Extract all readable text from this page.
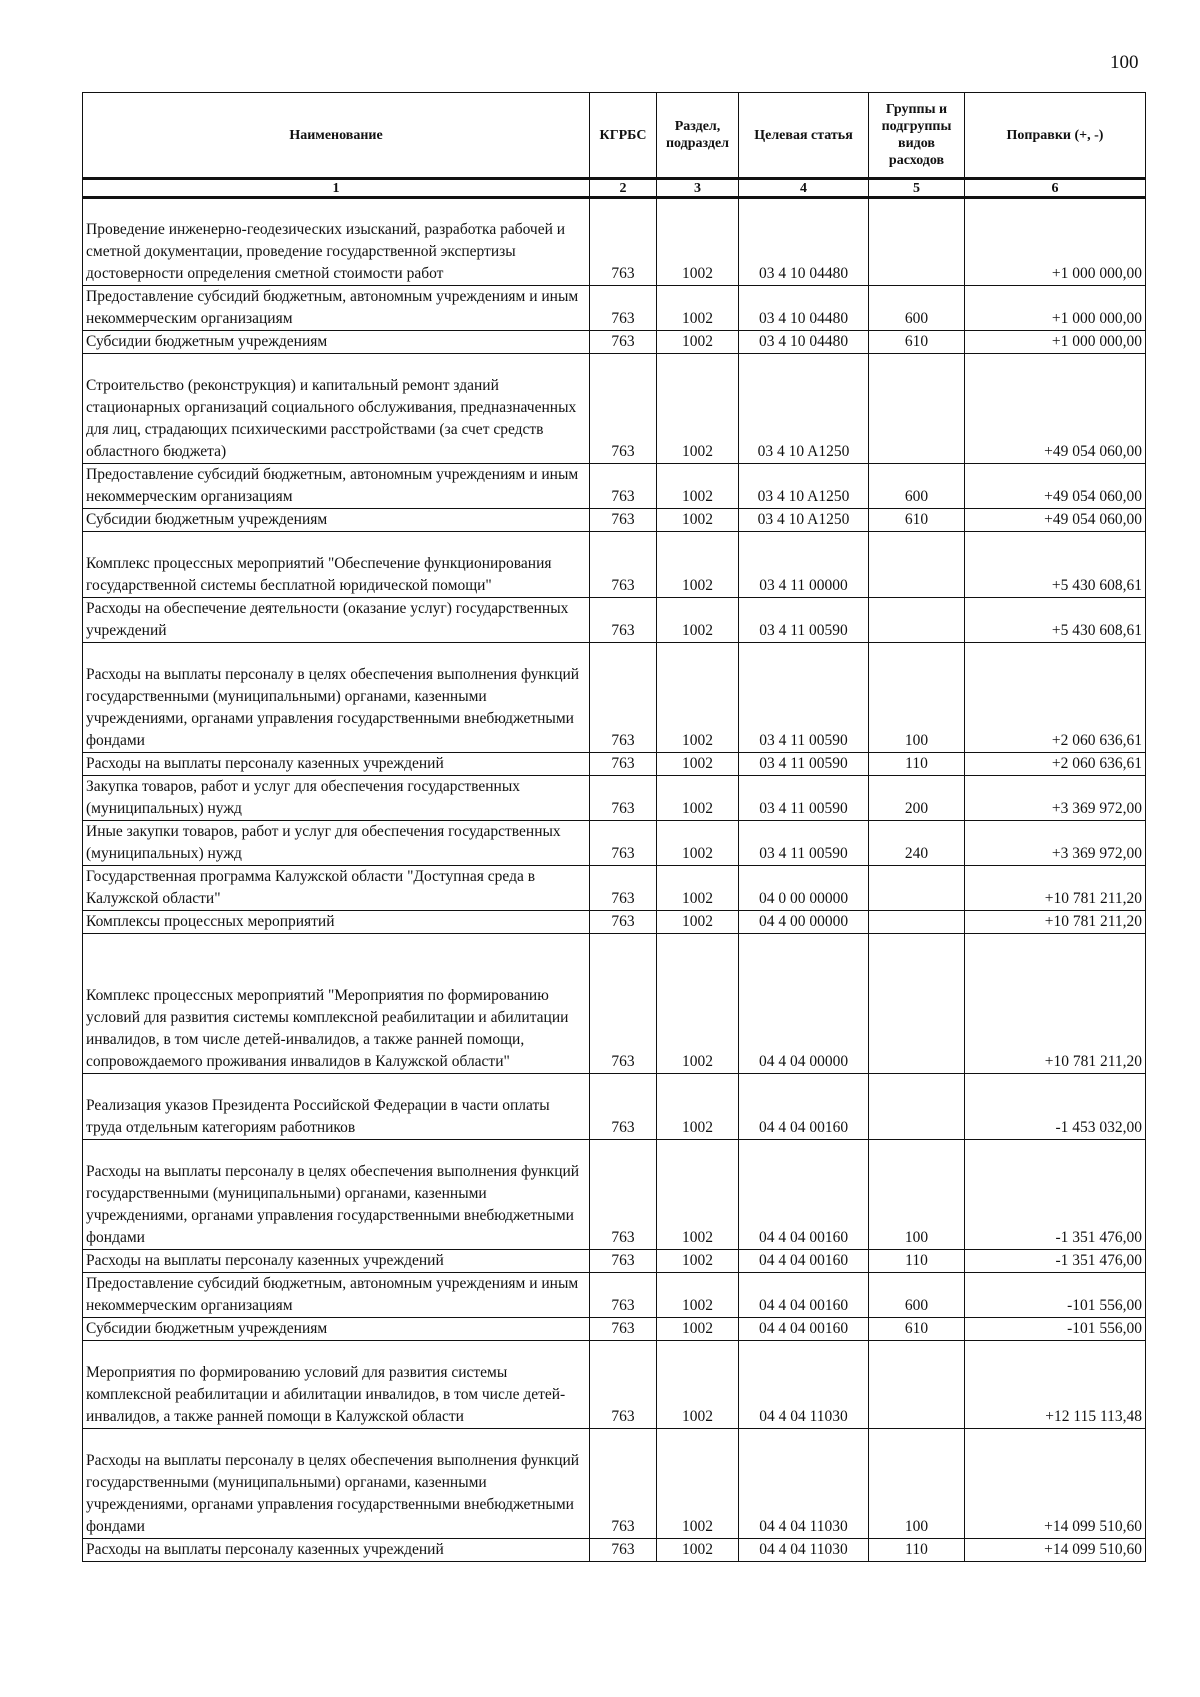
100
Наименование	КГРБС	Раздел, подраздел	Целевая статья	Группы и подгруппы видов расходов	Поправки (+, -)
1	2	3	4	5	6
Проведение инженерно-геодезических изысканий, разработка рабочей и сметной документации, проведение государственной экспертизы достоверности определения сметной стоимости работ	763	1002	03 4 10 04480		+1 000 000,00
Предоставление субсидий бюджетным, автономным учреждениям и иным некоммерческим организациям	763	1002	03 4 10 04480	600	+1 000 000,00
Субсидии бюджетным учреждениям	763	1002	03 4 10 04480	610	+1 000 000,00
Строительство (реконструкция) и капитальный ремонт зданий стационарных организаций социального обслуживания, предназначенных для лиц, страдающих психическими расстройствами (за счет средств областного бюджета)	763	1002	03 4 10 A1250		+49 054 060,00
Предоставление субсидий бюджетным, автономным учреждениям и иным некоммерческим организациям	763	1002	03 4 10 A1250	600	+49 054 060,00
Субсидии бюджетным учреждениям	763	1002	03 4 10 A1250	610	+49 054 060,00
Комплекс процессных мероприятий "Обеспечение функционирования государственной системы бесплатной юридической помощи"	763	1002	03 4 11 00000		+5 430 608,61
Расходы на обеспечение деятельности (оказание услуг) государственных учреждений	763	1002	03 4 11 00590		+5 430 608,61
Расходы на выплаты персоналу в целях обеспечения выполнения функций государственными (муниципальными) органами, казенными учреждениями, органами управления государственными внебюджетными фондами	763	1002	03 4 11 00590	100	+2 060 636,61
Расходы на выплаты персоналу казенных учреждений	763	1002	03 4 11 00590	110	+2 060 636,61
Закупка товаров, работ и услуг для обеспечения государственных (муниципальных) нужд	763	1002	03 4 11 00590	200	+3 369 972,00
Иные закупки товаров, работ и услуг для обеспечения государственных (муниципальных) нужд	763	1002	03 4 11 00590	240	+3 369 972,00
Государственная программа Калужской области "Доступная среда в Калужской области"	763	1002	04 0 00 00000		+10 781 211,20
Комплексы процессных мероприятий	763	1002	04 4 00 00000		+10 781 211,20
Комплекс процессных мероприятий "Мероприятия по формированию условий для развития системы комплексной реабилитации и абилитации инвалидов, в том числе детей-инвалидов, а также ранней помощи, сопровождаемого проживания инвалидов в Калужской области"	763	1002	04 4 04 00000		+10 781 211,20
Реализация указов Президента Российской Федерации в части оплаты труда отдельным категориям работников	763	1002	04 4 04 00160		-1 453 032,00
Расходы на выплаты персоналу в целях обеспечения выполнения функций государственными (муниципальными) органами, казенными учреждениями, органами управления государственными внебюджетными фондами	763	1002	04 4 04 00160	100	-1 351 476,00
Расходы на выплаты персоналу казенных учреждений	763	1002	04 4 04 00160	110	-1 351 476,00
Предоставление субсидий бюджетным, автономным учреждениям и иным некоммерческим организациям	763	1002	04 4 04 00160	600	-101 556,00
Субсидии бюджетным учреждениям	763	1002	04 4 04 00160	610	-101 556,00
Мероприятия по формированию условий для развития системы комплексной реабилитации и абилитации инвалидов, в том числе детей-инвалидов, а также ранней помощи в Калужской области	763	1002	04 4 04 11030		+12 115 113,48
Расходы на выплаты персоналу в целях обеспечения выполнения функций государственными (муниципальными) органами, казенными учреждениями, органами управления государственными внебюджетными фондами	763	1002	04 4 04 11030	100	+14 099 510,60
Расходы на выплаты персоналу казенных учреждений	763	1002	04 4 04 11030	110	+14 099 510,60
